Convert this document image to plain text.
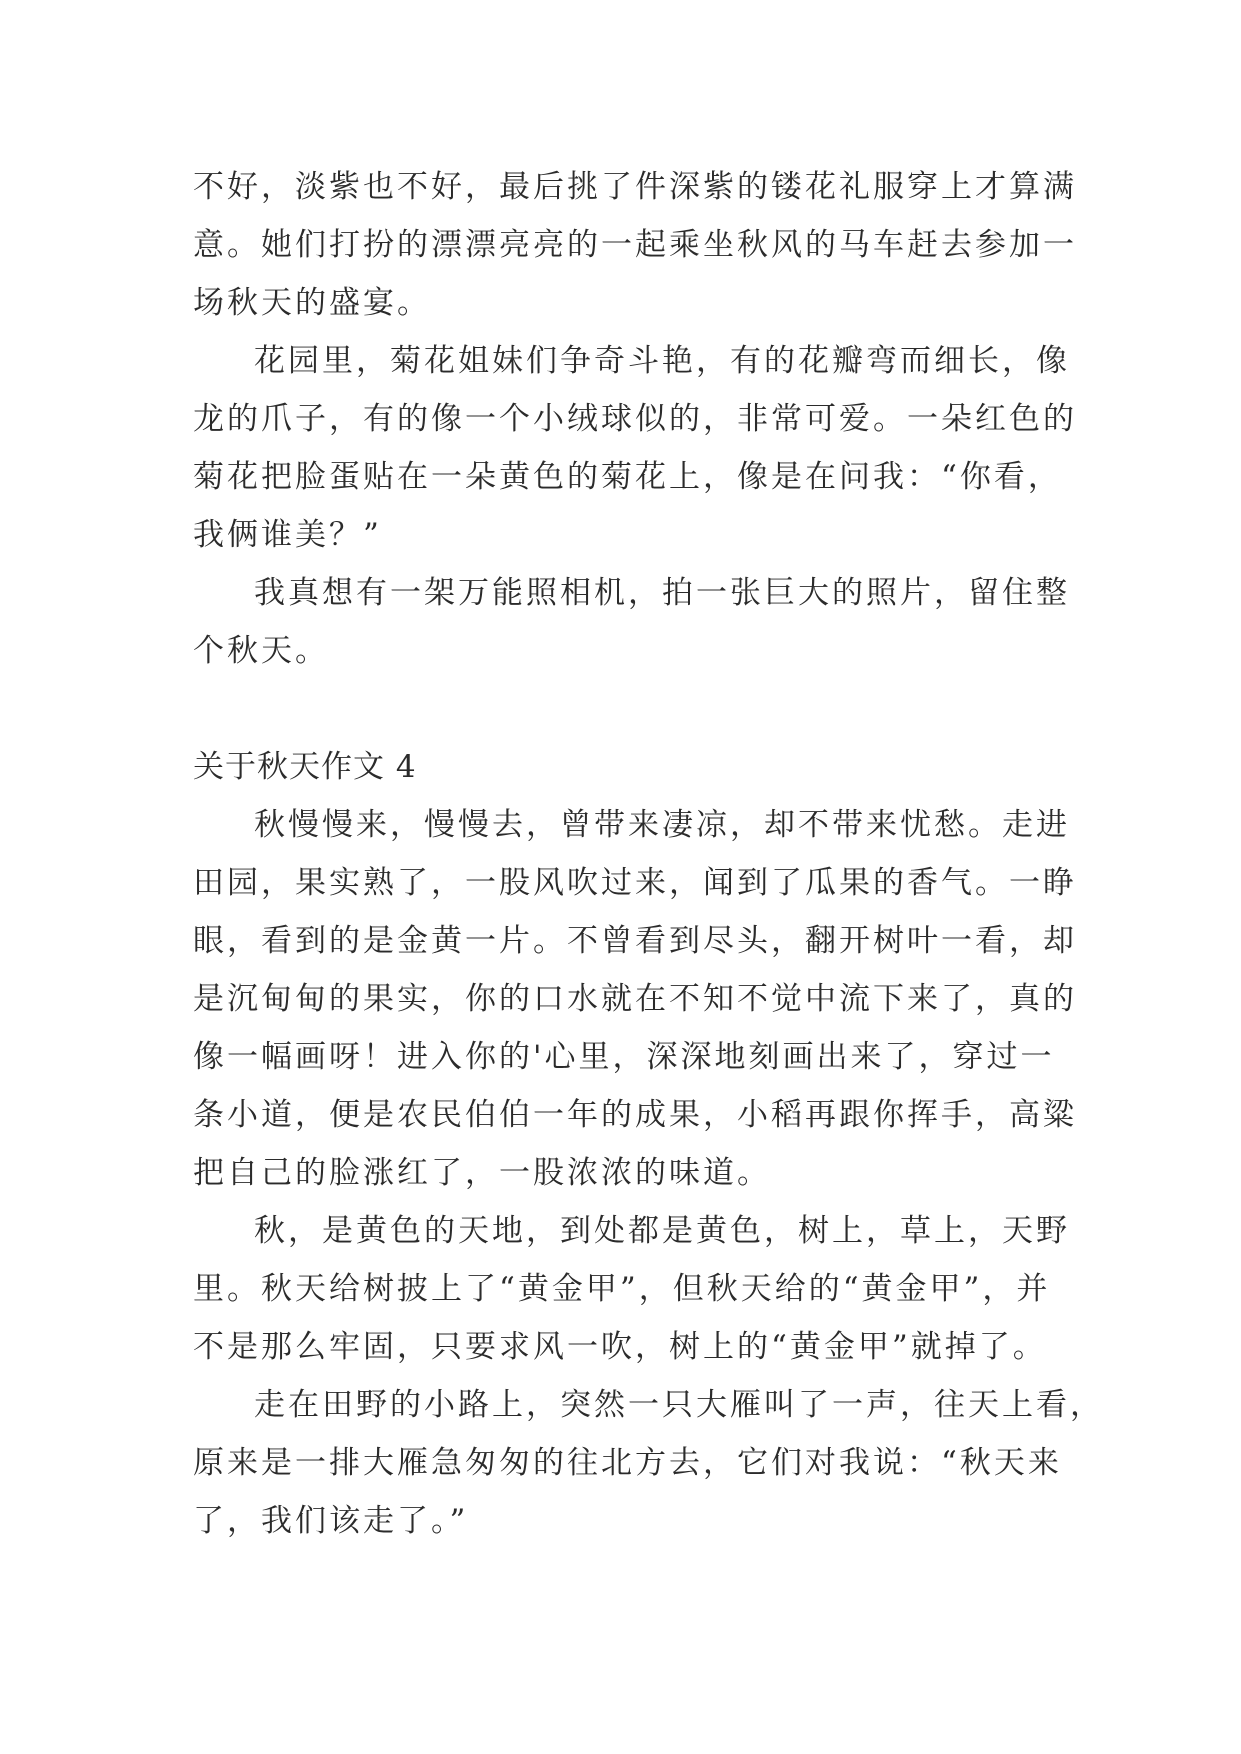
不好，淡紫也不好，最后挑了件深紫的镂花礼服穿上才算满
意。她们打扮的漂漂亮亮的一起乘坐秋风的马车赶去参加一
场秋天的盛宴。
花园里，菊花姐妹们争奇斗艳，有的花瓣弯而细长，像
龙的爪子，有的像一个小绒球似的，非常可爱。一朵红色的
菊花把脸蛋贴在一朵黄色的菊花上，像是在问我：“你看，
我俩谁美？”
我真想有一架万能照相机，拍一张巨大的照片，留住整
个秋天。
关于秋天作文 4
秋慢慢来，慢慢去，曾带来凄凉，却不带来忧愁。走进
田园，果实熟了，一股风吹过来，闻到了瓜果的香气。一睁
眼，看到的是金黄一片。不曾看到尽头，翻开树叶一看，却
是沉甸甸的果实，你的口水就在不知不觉中流下来了，真的
像一幅画呀！进入你的'心里，深深地刻画出来了，穿过一
条小道，便是农民伯伯一年的成果，小稻再跟你挥手，高粱
把自己的脸涨红了，一股浓浓的味道。
秋，是黄色的天地，到处都是黄色，树上，草上，天野
里。秋天给树披上了“黄金甲”，但秋天给的“黄金甲”，并
不是那么牢固，只要求风一吹，树上的“黄金甲”就掉了。
走在田野的小路上，突然一只大雁叫了一声，往天上看，
原来是一排大雁急匆匆的往北方去，它们对我说：“秋天来
了，我们该走了。”
